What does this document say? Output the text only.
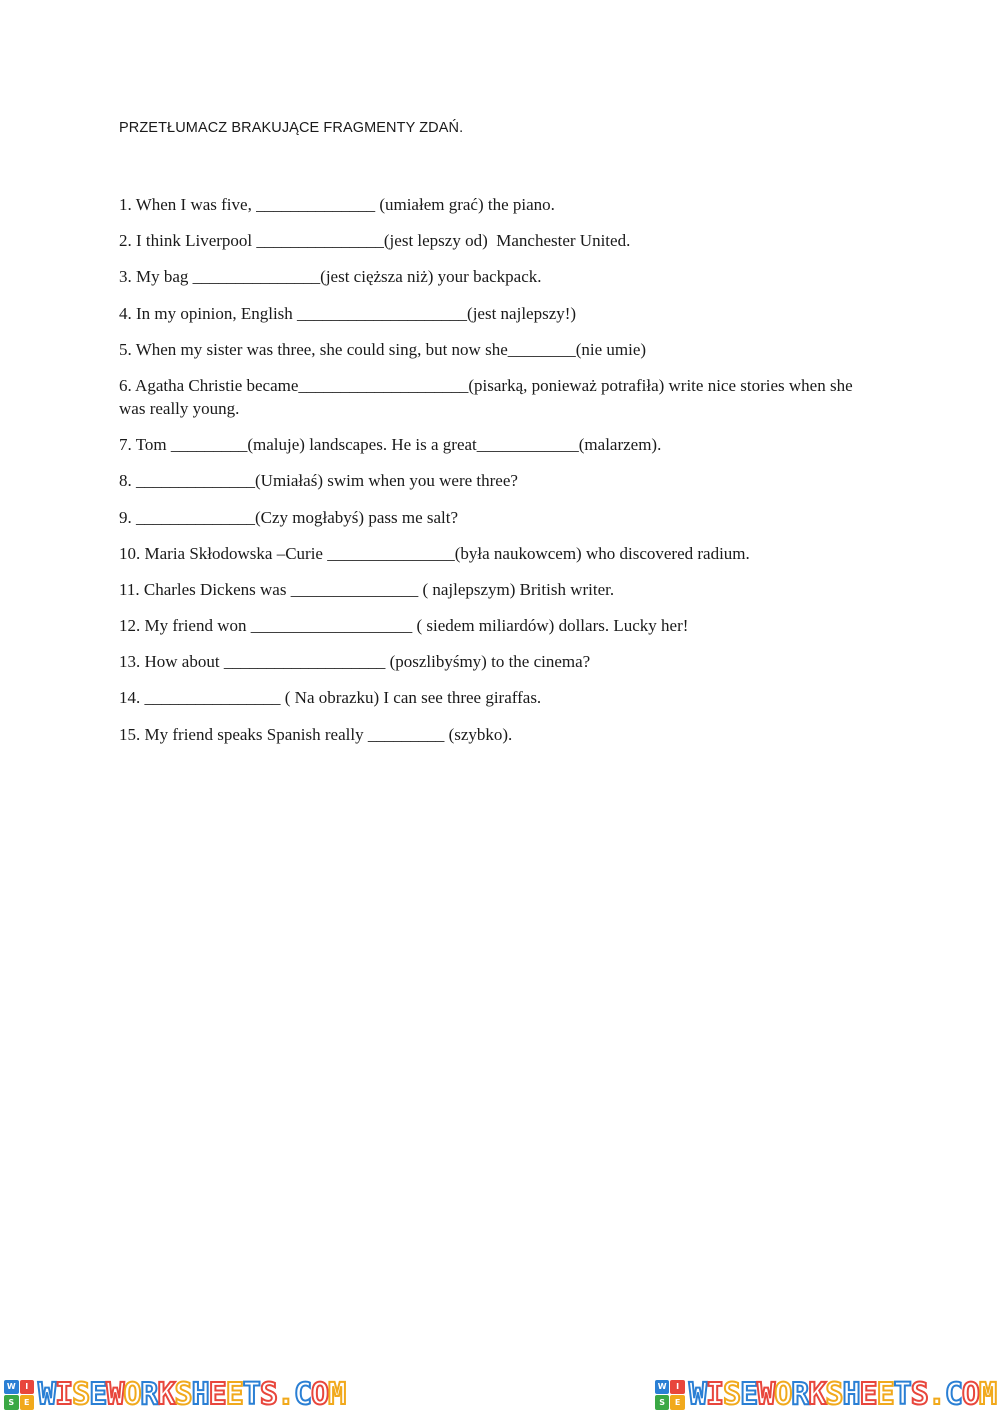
PRZETŁUMACZ BRAKUJĄCE FRAGMENTY ZDAŃ.
1. When I was five, ______________ (umiałem grać) the piano.
2. I think Liverpool _______________(jest lepszy od)  Manchester United.
3. My bag _______________(jest cięższa niż) your backpack.
4. In my opinion, English ____________________(jest najlepszy!)
5. When my sister was three, she could sing, but now she________(nie umie)
6. Agatha Christie became____________________(pisarką, ponieważ potrafiła) write nice stories when she was really young.
7. Tom _________(maluje) landscapes. He is a great____________(malarzem).
8. ______________(Umiałaś) swim when you were three?
9. ______________(Czy mogłabyś) pass me salt?
10. Maria Skłodowska –Curie _______________(była naukowcem) who discovered radium.
11. Charles Dickens was _______________ ( najlepszym) British writer.
12. My friend won ___________________ ( siedem miliardów) dollars. Lucky her!
13. How about ___________________ (poszlibyśmy) to the cinema?
14. ________________ ( Na obrazku) I can see three giraffas.
15. My friend speaks Spanish really _________ (szybko).
W	I
S	E W I S E W O R K S H E E T S . C O M	W	I
S	E W I S E W O R K S H E E T S . C O M
